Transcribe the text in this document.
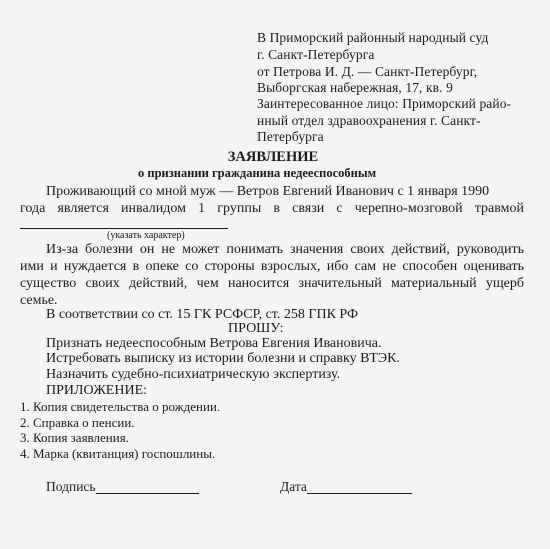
В Приморский районный народный суд
г. Санкт-Петербурга
от Петрова И. Д. — Санкт-Петербург,
Выборгская набережная, 17, кв. 9
Заинтересованное лицо: Приморский райо-
нный отдел здравоохранения г. Санкт-
Петербурга
ЗАЯВЛЕНИЕ
о признании гражданина недееспособным
Проживающий со мной муж — Ветров Евгений Иванович с 1 января 1990
года является инвалидом 1 группы в связи с черепно-мозговой травмой
(указать характер)
Из-за болезни он не может понимать значения своих действий, руководить
ими и нуждается в опеке со стороны взрослых, ибо сам не способен оценивать
существо своих действий, чем наносится значительный материальный ущерб
семье.
В соответствии со ст. 15 ГК РСФСР, ст. 258 ГПК РФ
ПРОШУ:
Признать недееспособным Ветрова Евгения Ивановича.
Истребовать выписку из истории болезни и справку ВТЭК.
Назначить судебно-психиатрическую экспертизу.
ПРИЛОЖЕНИЕ:
1. Копия свидетельства о рождении.
2. Справка о пенсии.
3. Копия заявления.
4. Марка (квитанция) госпошлины.
Подпись	Дата
